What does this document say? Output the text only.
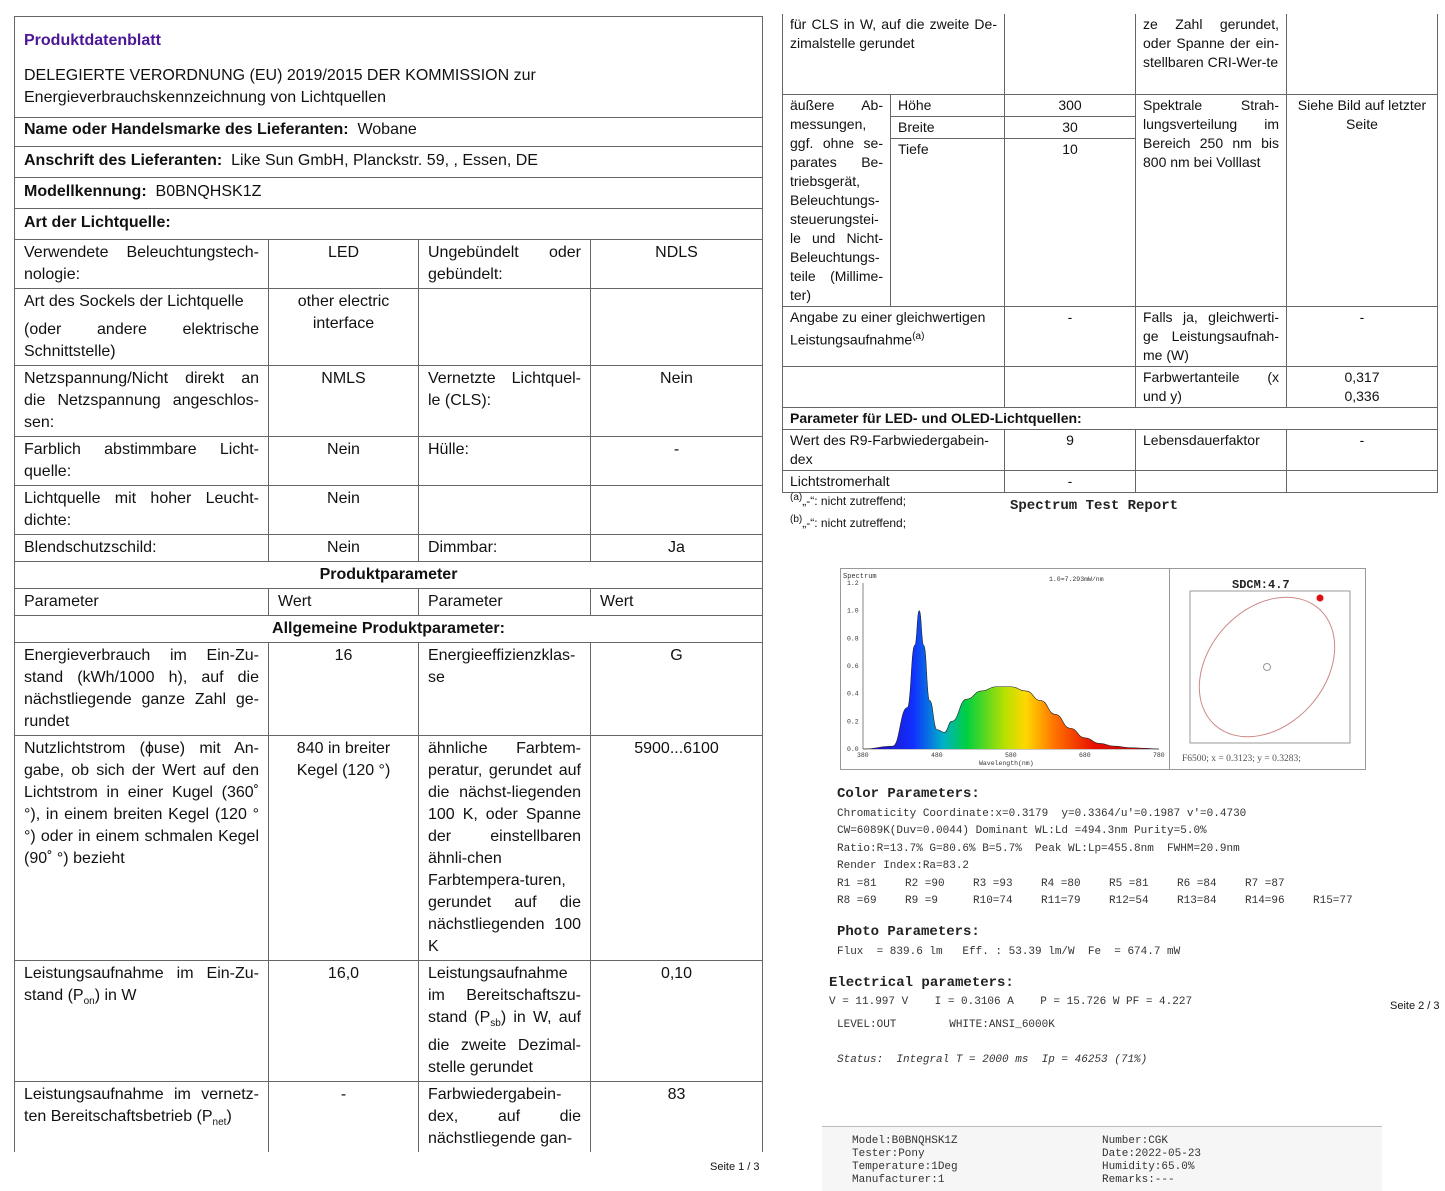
Produktdatenblatt			
DELEGIERTE VERORDNUNG (EU) 2019/2015 DER KOMMISSION zur Energieverbrauchskennzeichnung von Lichtquellen			
Name oder Handelsmarke des Lieferanten: Wobane			
Anschrift des Lieferanten: Like Sun GmbH, Planckstr. 59, , Essen, DE			
Modellkennung: B0BNQHSK1Z			
Art der Lichtquelle:			
Verwendete Beleuchtungstech-nologie:	LED	Ungebündelt oder gebündelt:	NDLS

Art des Sockels der Lichtquelle
(oder andere elektrische Schnittstelle)	other electric interface		
Netzspannung/Nicht direkt an die Netzspannung angeschlos-sen:	NMLS	Vernetzte Lichtquel-le (CLS):	Nein
Farblich abstimmbare Licht-quelle:	Nein	Hülle:	-
Lichtquelle mit hoher Leucht-dichte:	Nein		
Blendschutzschild:	Nein	Dimmbar:	Ja
Produktparameter			
Parameter	Wert	Parameter	Wert
Allgemeine Produktparameter:			
Energieverbrauch im Ein-Zu-stand (kWh/1000 h), auf die nächstliegende ganze Zahl ge-rundet	16	Energieeffizienzklas-se	G
Nutzlichtstrom (ϕuse) mit An-gabe, ob sich der Wert auf den Lichtstrom in einer Kugel (360˚ °), in einem breiten Kegel (120 °°) oder in einem schmalen Kegel (90˚ °) bezieht	840 in breiter Kegel (120 °)	ähnliche Farbtem-peratur, gerundet auf die nächst-liegenden 100 K, oder Spanne der einstellbaren ähnli-chen Farbtempera-turen, gerundet auf die nächstliegenden 100 K	5900...6100
Leistungsaufnahme im Ein-Zu-stand $(P_{on})$ in W	16,0	Leistungsaufnahme im Bereitschaftszu-stand $(P_{sb})$ in W, auf die zweite Dezimal-stelle gerundet	0,10
Leistungsaufnahme im vernetz-ten Bereitschaftsbetrieb $(P_{net})$	-	Farbwiedergabein-dex, auf die nächstliegende gan-	83
Seite 1 / 3
für CLS in W, auf die zweite De-zimalstelle gerundet			ze Zahl gerundet, oder Spanne der ein-stellbaren CRI-Wer-te	
äußere Ab-messungen, ggf. ohne se-parates Be-triebsgerät, Beleuchtungs-steuerungstei-le und Nicht-Beleuchtungs-teile (Millime-ter)	Höhe	300	Spektrale Strah-lungsverteilung im Bereich 250 nm bis 800 nm bei Volllast	Siehe Bild auf letzter Seite
	Breite	30		
	Tiefe	10		

Angabe zu einer gleichwertigen Leistungsaufnahme$^{(a)}$		-	Falls ja, gleichwerti-ge Leistungsaufnah-me (W)	-
			Farbwertanteile (x und y)	0,317
0,336

Parameter für LED- und OLED-Lichtquellen:				
Wert des R9-Farbwiedergabein-dex		9	Lebensdauerfaktor	-
Lichtstromerhalt		-		
$^{(a)}$„-“: nicht zutreffend;
$^{(b)}$„-“: nicht zutreffend;
Spectrum Test Report
1.2
1.0
0.8
0.6
0.4
0.2
0.0
380	480	580	680	780
Spectrum	1.0=7.293mW/nm
Wavelength(nm)
SDCM:4.7
F6500; x = 0.3123; y = 0.3283;
Color Parameters:
Chromaticity Coordinate:x=0.3179  y=0.3364/u'=0.1987 v'=0.4730
CW=6089K(Duv=0.0044) Dominant WL:Ld =494.3nm Purity=5.0%
Ratio:R=13.7% G=80.6% B=5.7%  Peak WL:Lp=455.8nm  FWHM=20.9nm
Render Index:Ra=83.2
R1 =81	R2 =90	R3 =93	R4 =80	R5 =81	R6 =84	R7 =87
R8 =69	R9 =9	R10=74	R11=79	R12=54	R13=84	R14=96	R15=77
Photo Parameters:
Flux  = 839.6 lm   Eff. : 53.39 lm/W  Fe  = 674.7 mW
Electrical parameters:
V = 11.997 V    I = 0.3106 A    P = 15.726 W PF = 4.227
LEVEL:OUT        WHITE:ANSI_6000K
Status:  Integral T = 2000 ms  Ip = 46253 (71%)
Seite 2 / 3
Model:B0BNQHSK1Z
Tester:Pony
Temperature:1Deg
Manufacturer:1
Number:CGK
Date:2022-05-23
Humidity:65.0%
Remarks:---
